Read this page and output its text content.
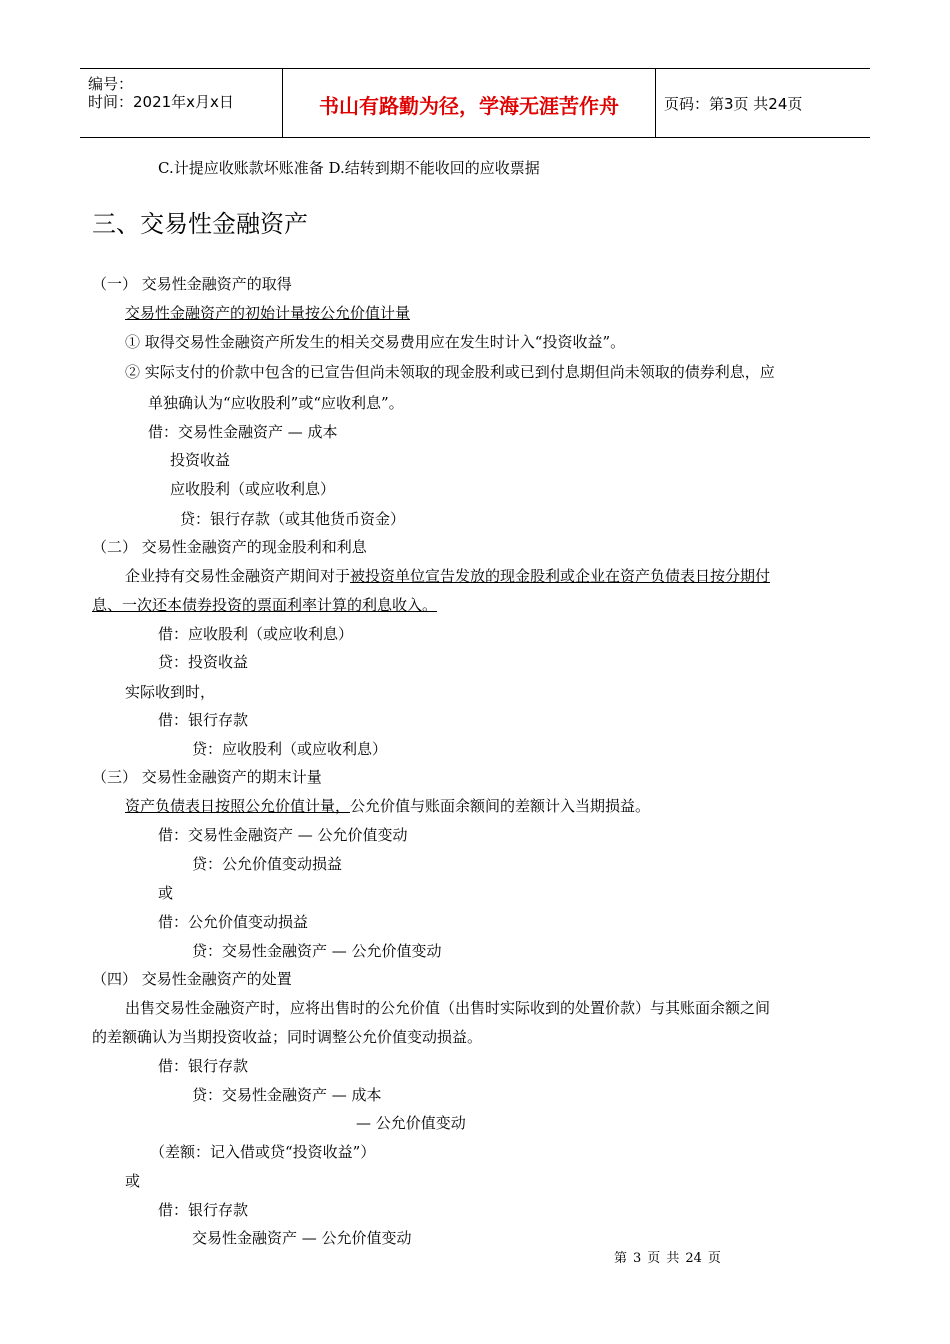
编号：
时间：2021年x月x日	书山有路勤为径，学海无涯苦作舟	页码：第3页 共24页
C.计提应收账款坏账准备 D.结转到期不能收回的应收票据
三、交易性金融资产
（一） 交易性金融资产的取得
交易性金融资产的初始计量按公允价值计量
① 取得交易性金融资产所发生的相关交易费用应在发生时计入“投资收益”。
② 实际支付的价款中包含的已宣告但尚未领取的现金股利或已到付息期但尚未领取的债券利息，应
单独确认为“应收股利”或“应收利息”。
借：交易性金融资产 — 成本
投资收益
应收股利（或应收利息）
贷：银行存款（或其他货币资金）
（二） 交易性金融资产的现金股利和利息
企业持有交易性金融资产期间对于被投资单位宣告发放的现金股利或企业在资产负债表日按分期付
息、一次还本债券投资的票面利率计算的利息收入。
借：应收股利（或应收利息）
贷：投资收益
实际收到时，
借：银行存款
贷：应收股利（或应收利息）
（三） 交易性金融资产的期末计量
资产负债表日按照公允价值计量，公允价值与账面余额间的差额计入当期损益。
借：交易性金融资产 — 公允价值变动
贷：公允价值变动损益
或
借：公允价值变动损益
贷：交易性金融资产 — 公允价值变动
（四） 交易性金融资产的处置
出售交易性金融资产时，应将出售时的公允价值（出售时实际收到的处置价款）与其账面余额之间
的差额确认为当期投资收益；同时调整公允价值变动损益。
借：银行存款
贷：交易性金融资产 — 成本
— 公允价值变动
（差额：记入借或贷“投资收益”）
或
借：银行存款
交易性金融资产 — 公允价值变动
第 3 页 共 24 页
